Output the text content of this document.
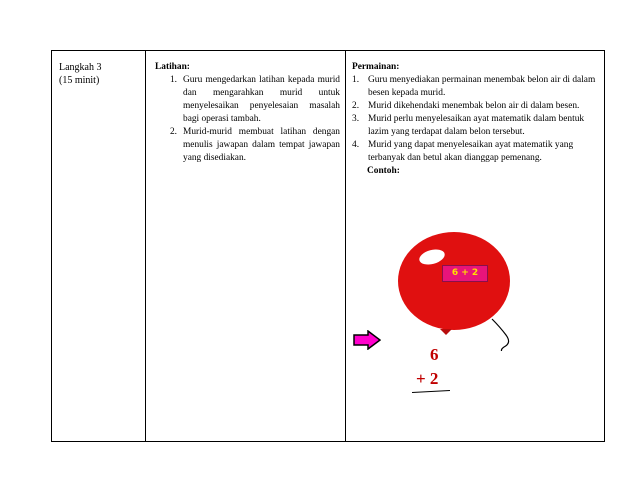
Langkah 3
(15 minit)
Latihan:
1. Guru mengedarkan latihan kepada murid dan mengarahkan murid untuk menyelesaikan penyelesaian masalah bagi operasi tambah.
2. Murid-murid membuat latihan dengan menulis jawapan dalam tempat jawapan yang disediakan.
Permainan:
1. Guru menyediakan permainan menembak belon air di dalam besen kepada murid.
2. Murid dikehendaki menembak belon air di dalam besen.
3. Murid perlu menyelesaikan ayat matematik dalam bentuk lazim yang terdapat dalam belon tersebut.
4. Murid yang dapat menyelesaikan ayat matematik yang terbanyak dan betul akan dianggap pemenang.
Contoh:
6 + 2
6
+ 2
